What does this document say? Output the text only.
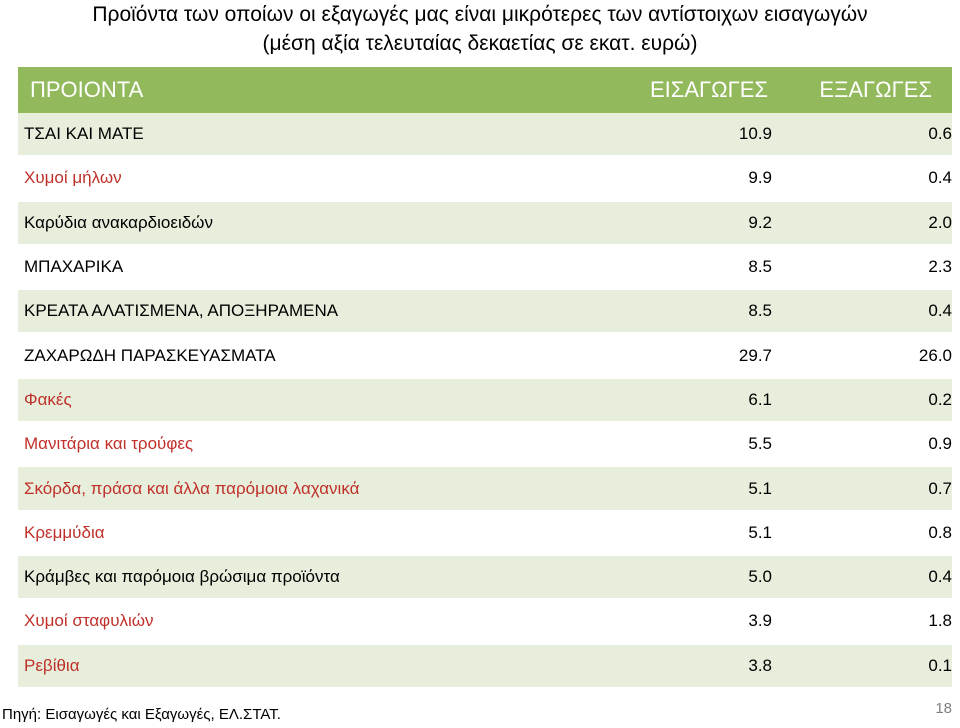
Προϊόντα των οποίων οι εξαγωγές μας είναι μικρότερες των αντίστοιχων εισαγωγών
(μέση αξία τελευταίας δεκαετίας σε εκατ. ευρώ)
ΠΡΟΙΟΝΤΑ	ΕΙΣΑΓΩΓΕΣ	ΕΞΑΓΩΓΕΣ
ΤΣΑΙ ΚΑΙ ΜΑΤΕ	10.9	0.6
Χυμοί μήλων	9.9	0.4
Καρύδια ανακαρδιοειδών	9.2	2.0
ΜΠΑΧΑΡΙΚΑ	8.5	2.3
ΚΡΕΑΤΑ ΑΛΑΤΙΣΜΕΝΑ, ΑΠΟΞΗΡΑΜΕΝΑ	8.5	0.4
ΖΑΧΑΡΩΔΗ ΠΑΡΑΣΚΕΥΑΣΜΑΤΑ	29.7	26.0
Φακές	6.1	0.2
Μανιτάρια και τρούφες	5.5	0.9
Σκόρδα, πράσα και άλλα παρόμοια λαχανικά	5.1	0.7
Κρεμμύδια	5.1	0.8
Κράμβες και παρόμοια βρώσιμα προϊόντα	5.0	0.4
Χυμοί σταφυλιών	3.9	1.8
Ρεβίθια	3.8	0.1
Πηγή: Εισαγωγές και Εξαγωγές, ΕΛ.ΣΤΑΤ.	18
